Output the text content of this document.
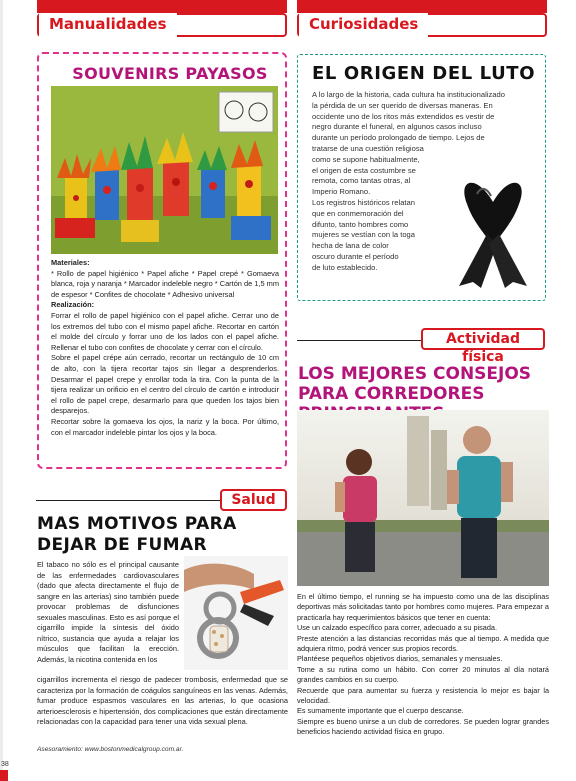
Manualidades	Curiosidades
SOUVENIRS PAYASOS
Materiales:
* Rollo de papel higiénico * Papel afiche * Papel crepé * Gomaeva blanca, roja y naranja * Marcador indeleble negro * Cartón de 1,5 mm de espesor * Confites de chocolate * Adhesivo universal
Realización:
Forrar el rollo de papel higiénico con el papel afiche. Cerrar uno de los extremos del tubo con el mismo papel afiche. Recortar en cartón el molde del círculo y forrar uno de los lados con el papel afiche. Rellenar el tubo con confites de chocolate y cerrar con el círculo.
Sobre el papel crépe aún cerrado, recortar un rectángulo de 10 cm de alto, con la tijera recortar tajos sin llegar a desprenderlos. Desarmar el papel crepe y enrollar toda la tira. Con la punta de la tijera realizar un orificio en el centro del círculo de cartón e introducir el rollo de papel crepe, desarmarlo para que queden los tajos bien desparejos.
Recortar sobre la gomaeva los ojos, la nariz y la boca. Por último, con el marcador indeleble pintar los ojos y la boca.
EL ORIGEN DEL LUTO

A lo largo de la historia, cada cultura ha institucionalizado

la pérdida de un ser querido de diversas maneras. En

occidente uno de los ritos más extendidos es vestir de

negro durante el funeral, en algunos casos incluso

durante un período prolongado de tiempo. Lejos de

tratarse de una cuestión religiosa

como se supone habitualmente,

el origen de esta costumbre se

remota, como tantas otras, al

Imperio Romano.

Los registros históricos relatan

que en conmemoración del

difunto, tanto hombres como

mujeres se vestían con la toga

hecha de lana de color

oscuro durante el período

de luto establecido.

Actividad física
LOS MEJORES CONSEJOS PARA CORREDORES
En el último tiempo, el running se ha impuesto como una de las disciplinas deportivas más solicitadas tanto por hombres como mujeres. Para empezar a practicarla hay requerimientos básicos que tener en cuenta:
Use un calzado específico para correr, adecuado a su pisada.
Preste atención a las distancias recorridas más que al tiempo. A medida que adquiera ritmo, podrá vencer sus propios records.
Plantéese pequeños objetivos diarios, semanales y mensuales.
Tome a su rutina como un hábito. Con correr 20 minutos al día notará grandes cambios en su cuerpo.
Recuerde que para aumentar su fuerza y resistencia lo mejor es bajar la velocidad.
Es sumamente importante que el cuerpo descanse.
Siempre es bueno unirse a un club de corredores. Se pueden lograr grandes beneficios haciendo actividad física en grupo.
Salud
MAS MOTIVOS PARA DEJAR DE FUMAR
El tabaco no sólo es el principal causante de las enfermedades cardiovasculares (dado que afecta directamente el flujo de sangre en las arterias) sino también puede provocar problemas de disfunciones sexuales masculinas. Esto es así porque el cigarrillo impide la síntesis del óxido nítrico, sustancia que ayuda a relajar los músculos que facilitan la erección. Además, la nicotina contenida en los
cigarrillos incrementa el riesgo de padecer trombosis, enfermedad que se caracteriza por la formación de coágulos sanguíneos en las venas. Además, fumar produce espasmos vasculares en las arterias, lo que ocasiona arterioesclerosis e hipertensión, dos complicaciones que están directamente relacionadas con la capacidad para tener una vida sexual plena.
Asesoramiento: www.bostonmedicalgroup.com.ar.
38
